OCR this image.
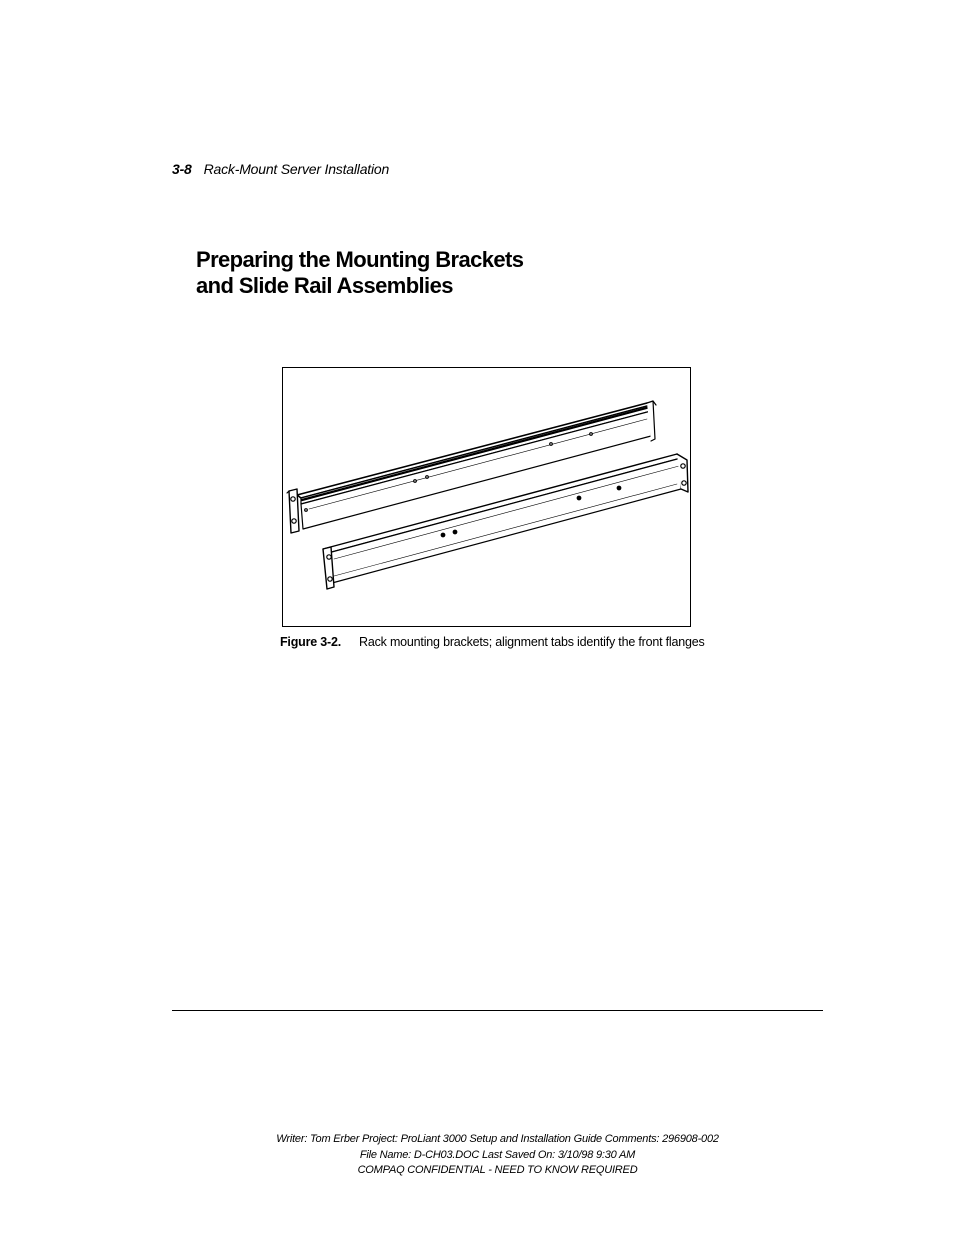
3-8 Rack-Mount Server Installation
Preparing the Mounting Brackets
and Slide Rail Assemblies
Figure 3-2. Rack mounting brackets; alignment tabs identify the front flanges
Writer: Tom Erber Project: ProLiant 3000 Setup and Installation Guide Comments: 296908-002
File Name: D-CH03.DOC Last Saved On: 3/10/98 9:30 AM
COMPAQ CONFIDENTIAL - NEED TO KNOW REQUIRED
